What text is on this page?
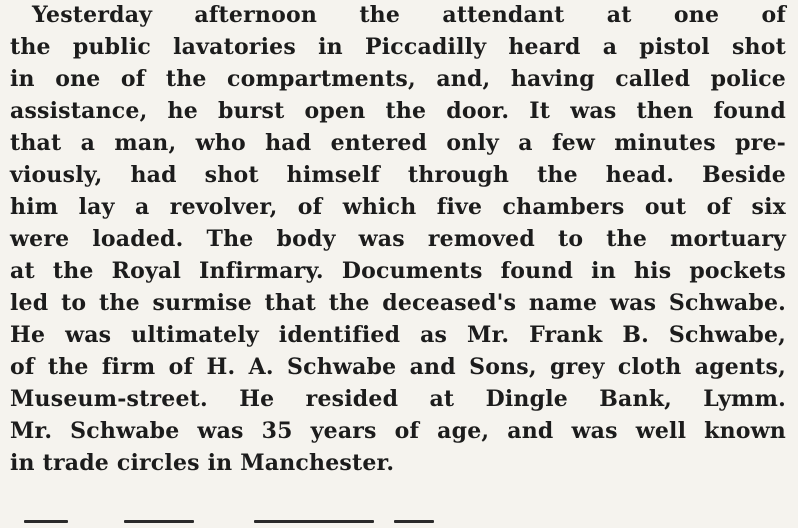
Yesterday afternoon the attendant at one of
the public lavatories in Piccadilly heard a pistol shot
in one of the compartments, and, having called police
assistance, he burst open the door. It was then found
that a man, who had entered only a few minutes pre-
viously, had shot himself through the head. Beside
him lay a revolver, of which five chambers out of six
were loaded. The body was removed to the mortuary
at the Royal Infirmary. Documents found in his pockets
led to the surmise that the deceased's name was Schwabe.
He was ultimately identified as Mr. Frank B. Schwabe,
of the firm of H. A. Schwabe and Sons, grey cloth agents,
Museum-street. He resided at Dingle Bank, Lymm.
Mr. Schwabe was 35 years of age, and was well known
in trade circles in Manchester.
